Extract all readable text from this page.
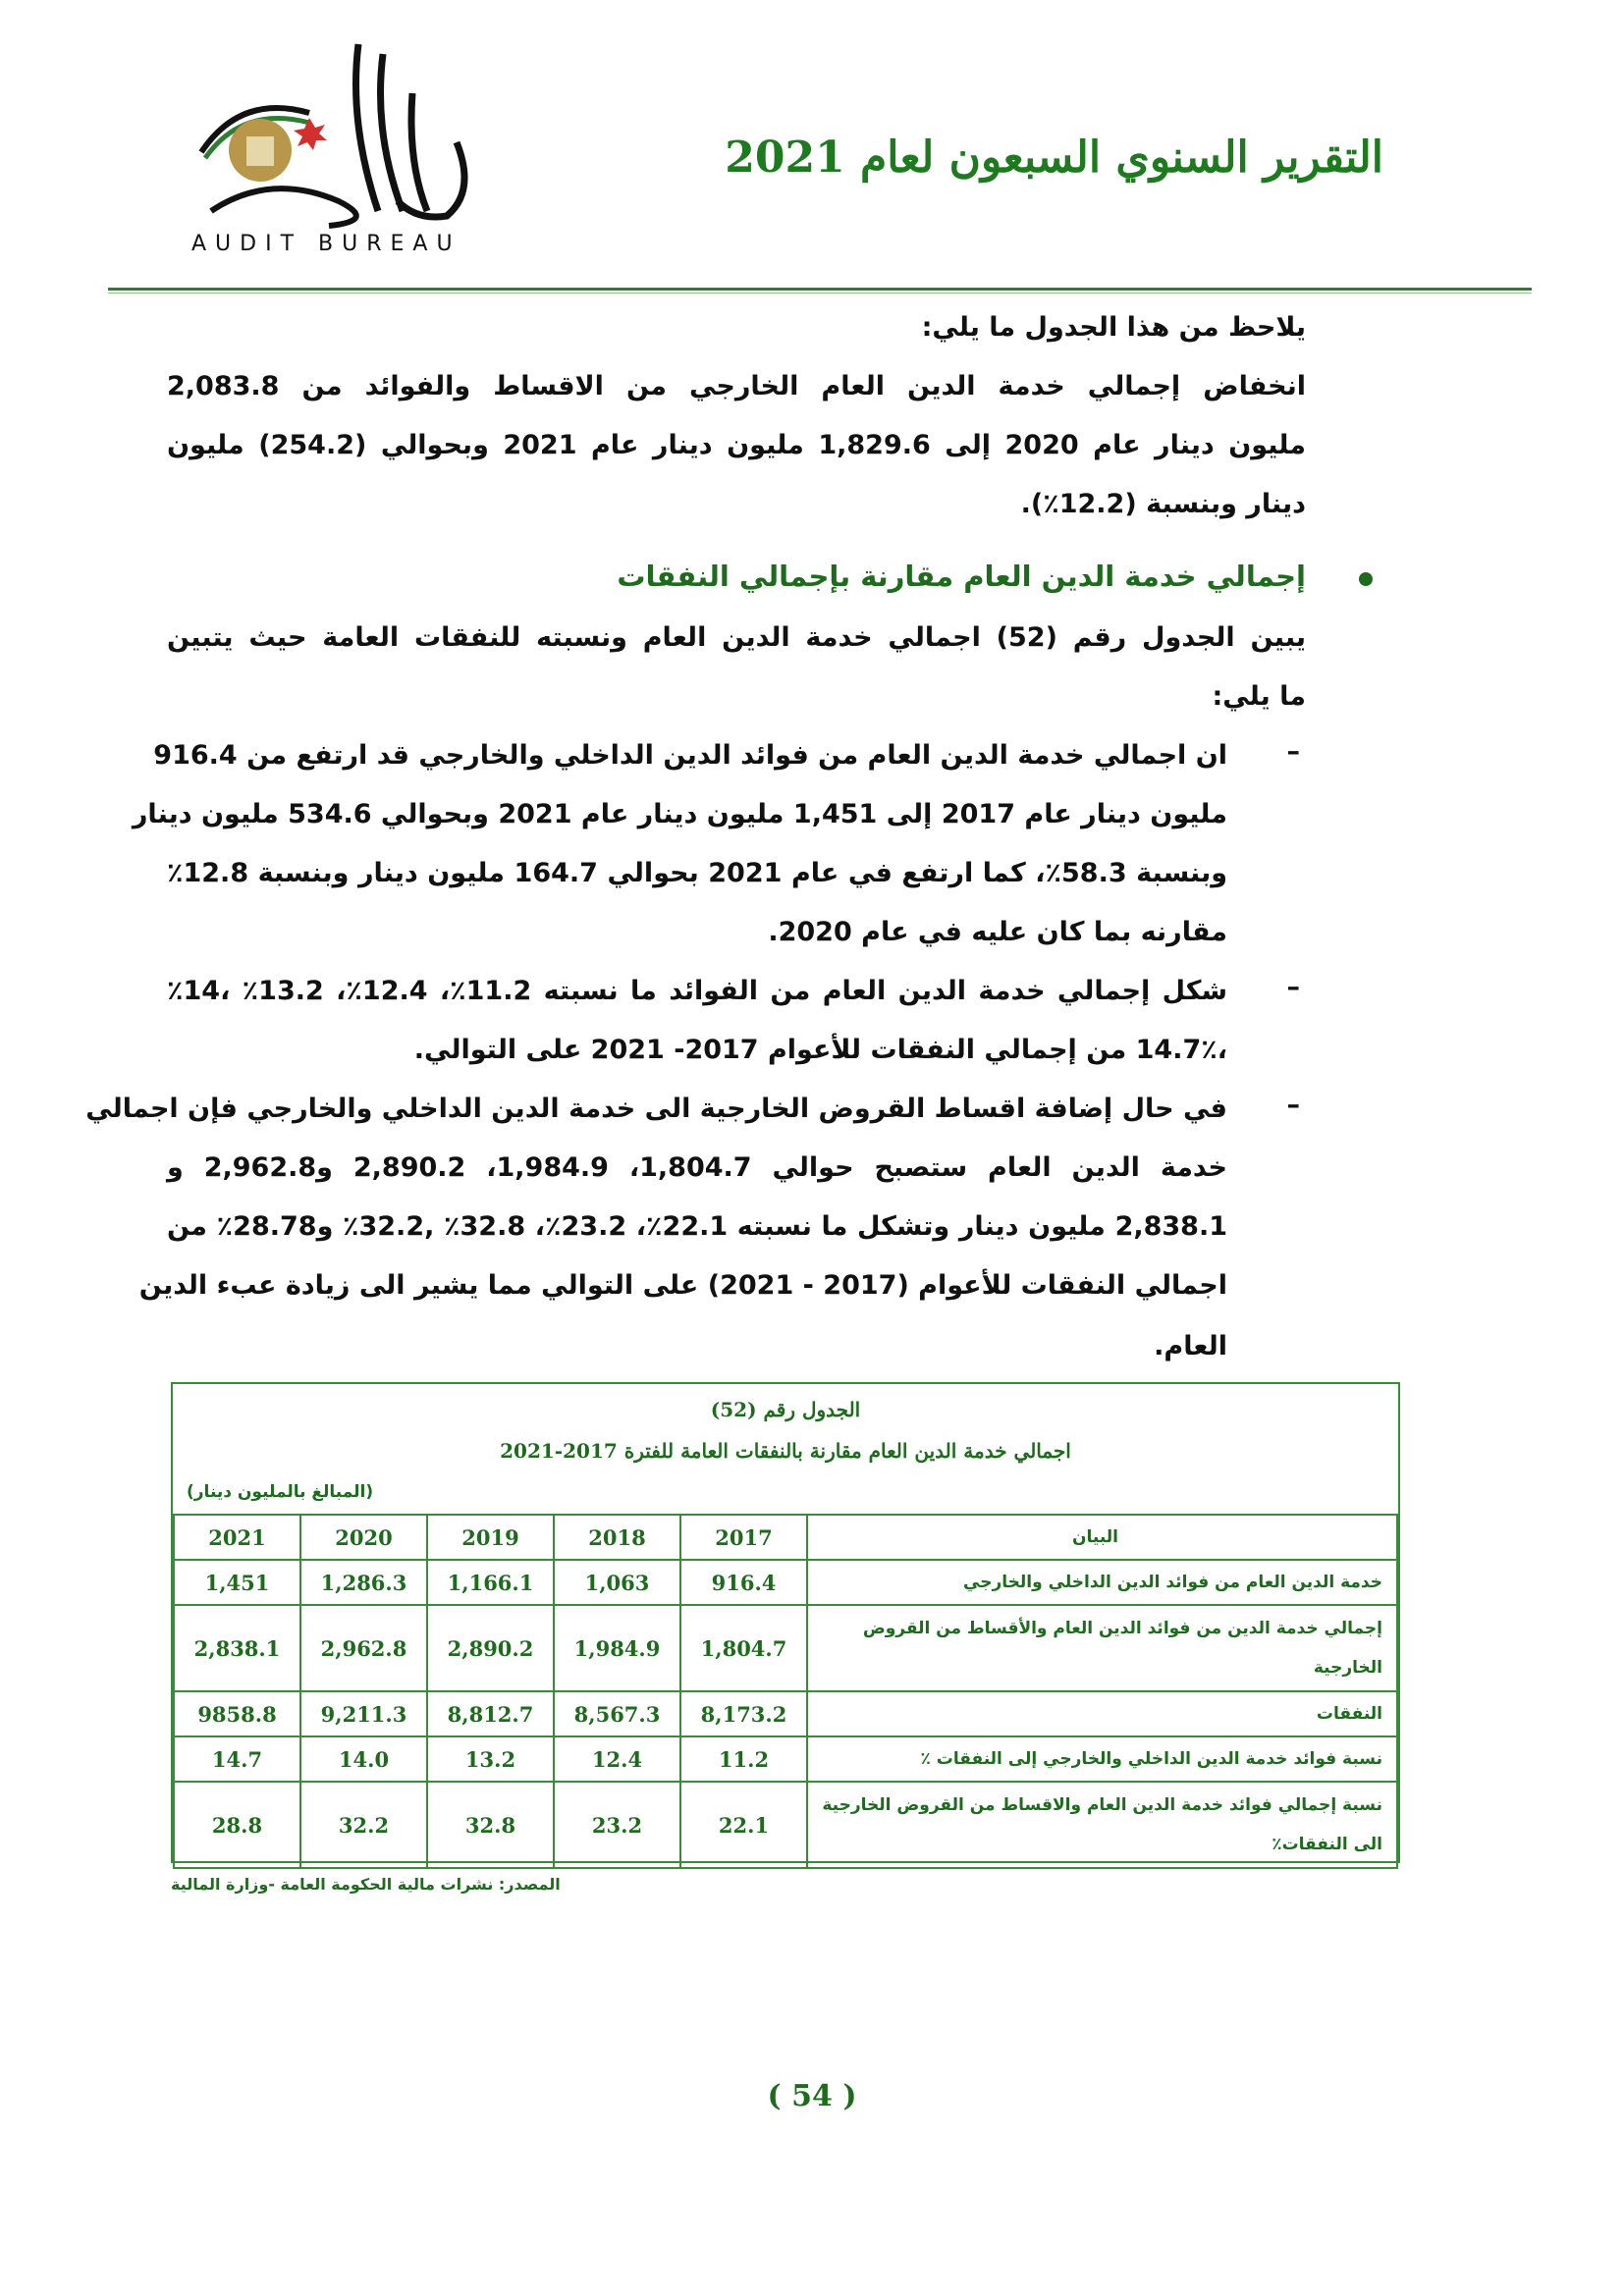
AUDIT BUREAU
التقرير السنوي السبعون لعام 2021
يلاحظ من هذا الجدول ما يلي:
انخفاض إجمالي خدمة الدين العام الخارجي من الاقساط والفوائد من 2,083.8
مليون دينار عام 2020 إلى 1,829.6 مليون دينار عام 2021 وبحوالي (254.2) مليون
دينار وبنسبة (12.2٪).
إجمالي خدمة الدين العام مقارنة بإجمالي النفقات
يبين الجدول رقم (52) اجمالي خدمة الدين العام ونسبته للنفقات العامة حيث يتبين
ما يلي:
–
ان اجمالي خدمة الدين العام من فوائد الدين الداخلي والخارجي قد ارتفع من 916.4
مليون دينار عام 2017 إلى 1,451 مليون دينار عام 2021 وبحوالي 534.6 مليون دينار
وبنسبة 58.3٪، كما ارتفع في عام 2021 بحوالي 164.7 مليون دينار وبنسبة 12.8٪
مقارنه بما كان عليه في عام 2020.
–
شكل إجمالي خدمة الدين العام من الفوائد ما نسبته 11.2٪، 12.4٪، 13.2٪ ،14٪
،14.7٪ من إجمالي النفقات للأعوام 2017- 2021 على التوالي.
–
في حال إضافة اقساط القروض الخارجية الى خدمة الدين الداخلي والخارجي فإن اجمالي
خدمة الدين العام ستصبح حوالي 1,804.7، 1,984.9، 2,890.2 و2,962.8 و
2,838.1 مليون دينار وتشكل ما نسبته 22.1٪، 23.2٪، 32.8٪ ,32.2٪ و28.78٪ من
اجمالي النفقات للأعوام (2017 - 2021) على التوالي مما يشير الى زيادة عبء الدين
العام.
الجدول رقم (52)
اجمالي خدمة الدين العام مقارنة بالنفقات العامة للفترة 2017-2021
(المبالغ بالمليون دينار)
البيان	2017	2018	2019	2020	2021
خدمة الدين العام من فوائد الدين الداخلي والخارجي	916.4	1,063	1,166.1	1,286.3	1,451
إجمالي خدمة الدين من فوائد الدين العام والأقساط من القروض الخارجية	1,804.7	1,984.9	2,890.2	2,962.8	2,838.1
النفقات	8,173.2	8,567.3	8,812.7	9,211.3	9858.8
نسبة فوائد خدمة الدين الداخلي والخارجي إلى النفقات ٪	11.2	12.4	13.2	14.0	14.7
نسبة إجمالي فوائد خدمة الدين العام والاقساط من القروض الخارجية الى النفقات٪	22.1	23.2	32.8	32.2	28.8
المصدر: نشرات مالية الحكومة العامة -وزارة المالية
( 54 )
